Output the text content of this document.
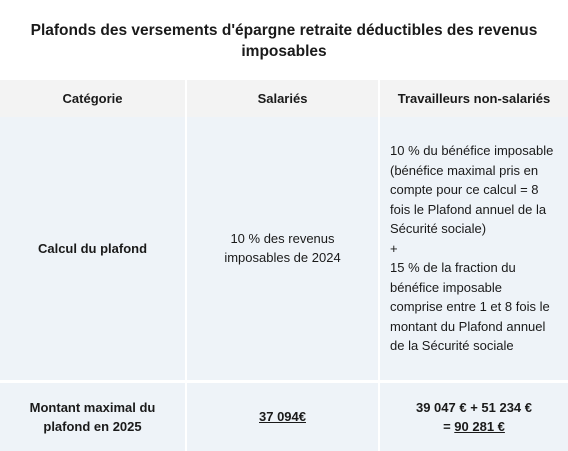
Plafonds des versements d'épargne retraite déductibles des revenus imposables
Catégorie	Salariés	Travailleurs non-salariés
Calcul du plafond	10 % des revenus imposables de 2024	10 % du bénéfice imposable (bénéfice maximal pris en compte pour ce calcul = 8 fois le Plafond annuel de la Sécurité sociale)
+
15 % de la fraction du bénéfice imposable comprise entre 1 et 8 fois le montant du Plafond annuel de la Sécurité sociale

Montant maximal du plafond en 2025	37 094€	39 047 € + 51 234 €
= 90 281 €
